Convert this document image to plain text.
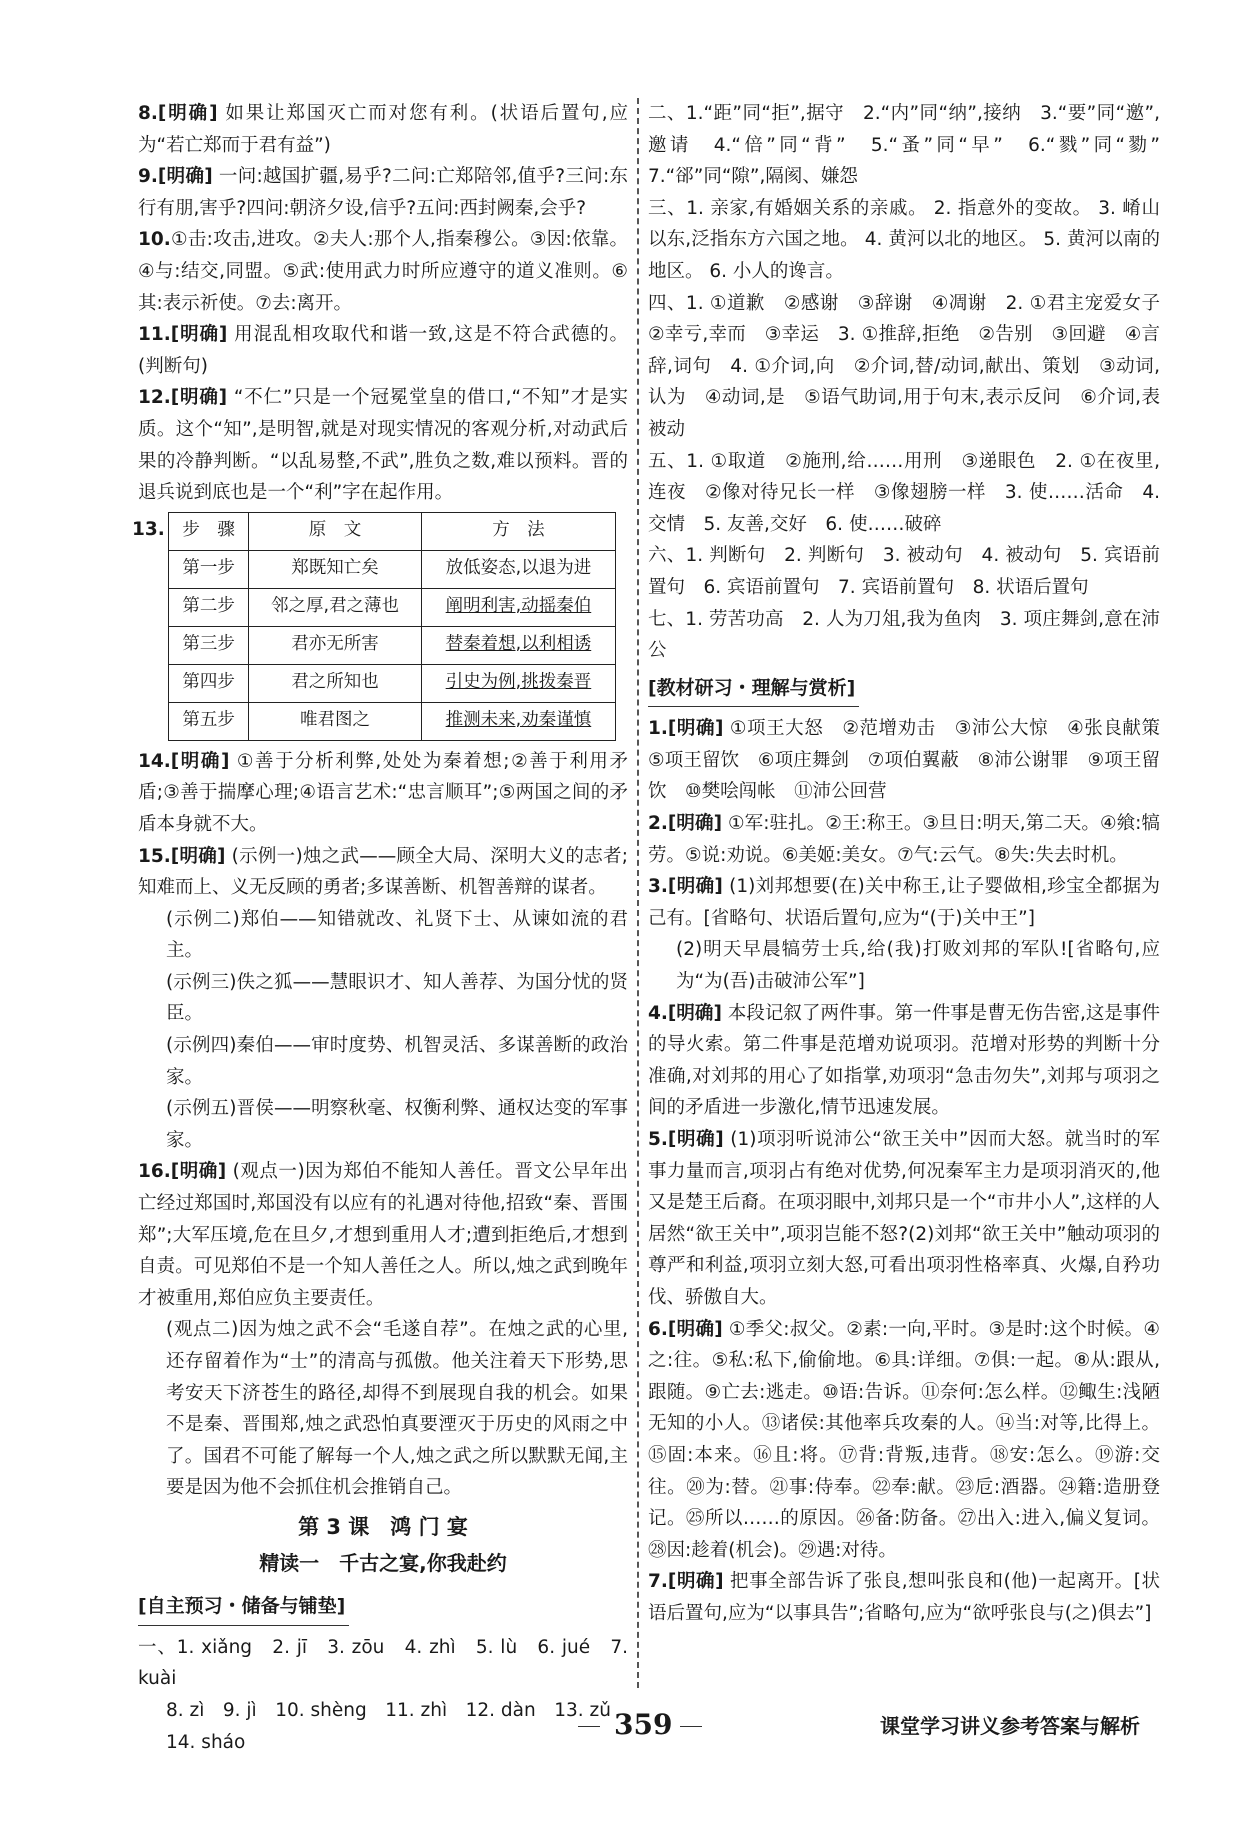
8.[明确] 如果让郑国灭亡而对您有利。(状语后置句,应为“若亡郑而于君有益”)

9.[明确] 一问:越国扩疆,易乎?二问:亡郑陪邻,值乎?三问:东行有朋,害乎?四问:朝济夕设,信乎?五问:西封阙秦,会乎?

10.①击:攻击,进攻。②夫人:那个人,指秦穆公。③因:依靠。④与:结交,同盟。⑤武:使用武力时所应遵守的道义准则。⑥其:表示祈使。⑦去:离开。

11.[明确] 用混乱相攻取代和谐一致,这是不符合武德的。(判断句)

12.[明确] “不仁”只是一个冠冕堂皇的借口,“不知”才是实质。这个“知”,是明智,就是对现实情况的客观分析,对动武后果的冷静判断。“以乱易整,不武”,胜负之数,难以预料。晋的退兵说到底也是一个“利”字在起作用。

步　骤	原　文	方　法
第一步	郑既知亡矣	放低姿态,以退为进
第二步	邻之厚,君之薄也	阐明利害,动摇秦伯
第三步	君亦无所害	替秦着想,以利相诱
第四步	君之所知也	引史为例,挑拨秦晋
第五步	唯君图之	推测未来,劝秦谨慎
13.

14.[明确] ①善于分析利弊,处处为秦着想;②善于利用矛盾;③善于揣摩心理;④语言艺术:“忠言顺耳”;⑤两国之间的矛盾本身就不大。

15.[明确] (示例一)烛之武——顾全大局、深明大义的志者;知难而上、义无反顾的勇者;多谋善断、机智善辩的谋者。

(示例二)郑伯——知错就改、礼贤下士、从谏如流的君主。

(示例三)佚之狐——慧眼识才、知人善荐、为国分忧的贤臣。

(示例四)秦伯——审时度势、机智灵活、多谋善断的政治家。

(示例五)晋侯——明察秋毫、权衡利弊、通权达变的军事家。

16.[明确] (观点一)因为郑伯不能知人善任。晋文公早年出亡经过郑国时,郑国没有以应有的礼遇对待他,招致“秦、晋围郑”;大军压境,危在旦夕,才想到重用人才;遭到拒绝后,才想到自责。可见郑伯不是一个知人善任之人。所以,烛之武到晚年才被重用,郑伯应负主要责任。

(观点二)因为烛之武不会“毛遂自荐”。在烛之武的心里,还存留着作为“士”的清高与孤傲。他关注着天下形势,思考安天下济苍生的路径,却得不到展现自我的机会。如果不是秦、晋围郑,烛之武恐怕真要湮灭于历史的风雨之中了。国君不可能了解每一个人,烛之武之所以默默无闻,主要是因为他不会抓住机会推销自己。

第 3 课　鸿 门 宴
精读一　千古之宴,你我赴约
[自主预习・储备与铺垫]

一、1. xiǎng　2. jī　3. zōu　4. zhì　5. lù　6. jué　7. kuài

8. zì　9. jì　10. shèng　11. zhì　12. dàn　13. zǔ

14. sháo

二、1.“距”同“拒”,据守　2.“内”同“纳”,接纳　3.“要”同“邀”,邀请　4.“倍”同“背”　5.“蚤”同“早”　6.“戮”同“勠”　7.“郤”同“隙”,隔阂、嫌怨

三、1. 亲家,有婚姻关系的亲戚。 2. 指意外的变故。 3. 崤山以东,泛指东方六国之地。 4. 黄河以北的地区。 5. 黄河以南的地区。 6. 小人的谗言。

四、1. ①道歉　②感谢　③辞谢　④凋谢　2. ①君主宠爱女子　②幸亏,幸而　③幸运　3. ①推辞,拒绝　②告别　③回避　④言辞,词句　4. ①介词,向　②介词,替/动词,献出、策划　③动词,认为　④动词,是　⑤语气助词,用于句末,表示反问　⑥介词,表被动

五、1. ①取道　②施刑,给……用刑　③递眼色　2. ①在夜里,连夜　②像对待兄长一样　③像翅膀一样　3. 使……活命　4. 交情　5. 友善,交好　6. 使……破碎

六、1. 判断句　2. 判断句　3. 被动句　4. 被动句　5. 宾语前置句　6. 宾语前置句　7. 宾语前置句　8. 状语后置句

七、1. 劳苦功高　2. 人为刀俎,我为鱼肉　3. 项庄舞剑,意在沛公

[教材研习・理解与赏析]

1.[明确] ①项王大怒　②范增劝击　③沛公大惊　④张良献策　⑤项王留饮　⑥项庄舞剑　⑦项伯翼蔽　⑧沛公谢罪　⑨项王留饮　⑩樊哙闯帐　⑪沛公回营

2.[明确] ①军:驻扎。②王:称王。③旦日:明天,第二天。④飨:犒劳。⑤说:劝说。⑥美姬:美女。⑦气:云气。⑧失:失去时机。

3.[明确] (1)刘邦想要(在)关中称王,让子婴做相,珍宝全都据为己有。[省略句、状语后置句,应为“(于)关中王”]

(2)明天早晨犒劳士兵,给(我)打败刘邦的军队![省略句,应为“为(吾)击破沛公军”]

4.[明确] 本段记叙了两件事。第一件事是曹无伤告密,这是事件的导火索。第二件事是范增劝说项羽。范增对形势的判断十分准确,对刘邦的用心了如指掌,劝项羽“急击勿失”,刘邦与项羽之间的矛盾进一步激化,情节迅速发展。

5.[明确] (1)项羽听说沛公“欲王关中”因而大怒。就当时的军事力量而言,项羽占有绝对优势,何况秦军主力是项羽消灭的,他又是楚王后裔。在项羽眼中,刘邦只是一个“市井小人”,这样的人居然“欲王关中”,项羽岂能不怒?(2)刘邦“欲王关中”触动项羽的尊严和利益,项羽立刻大怒,可看出项羽性格率真、火爆,自矜功伐、骄傲自大。

6.[明确] ①季父:叔父。②素:一向,平时。③是时:这个时候。④之:往。⑤私:私下,偷偷地。⑥具:详细。⑦俱:一起。⑧从:跟从,跟随。⑨亡去:逃走。⑩语:告诉。⑪奈何:怎么样。⑫鲰生:浅陋无知的小人。⑬诸侯:其他率兵攻秦的人。⑭当:对等,比得上。⑮固:本来。⑯且:将。⑰背:背叛,违背。⑱安:怎么。⑲游:交往。⑳为:替。㉑事:侍奉。㉒奉:献。㉓卮:酒器。㉔籍:造册登记。㉕所以……的原因。㉖备:防备。㉗出入:进入,偏义复词。㉘因:趁着(机会)。㉙遇:对待。

7.[明确] 把事全部告诉了张良,想叫张良和(他)一起离开。[状语后置句,应为“以事具告”;省略句,应为“欲呼张良与(之)俱去”]

359	课堂学习讲义参考答案与解析
